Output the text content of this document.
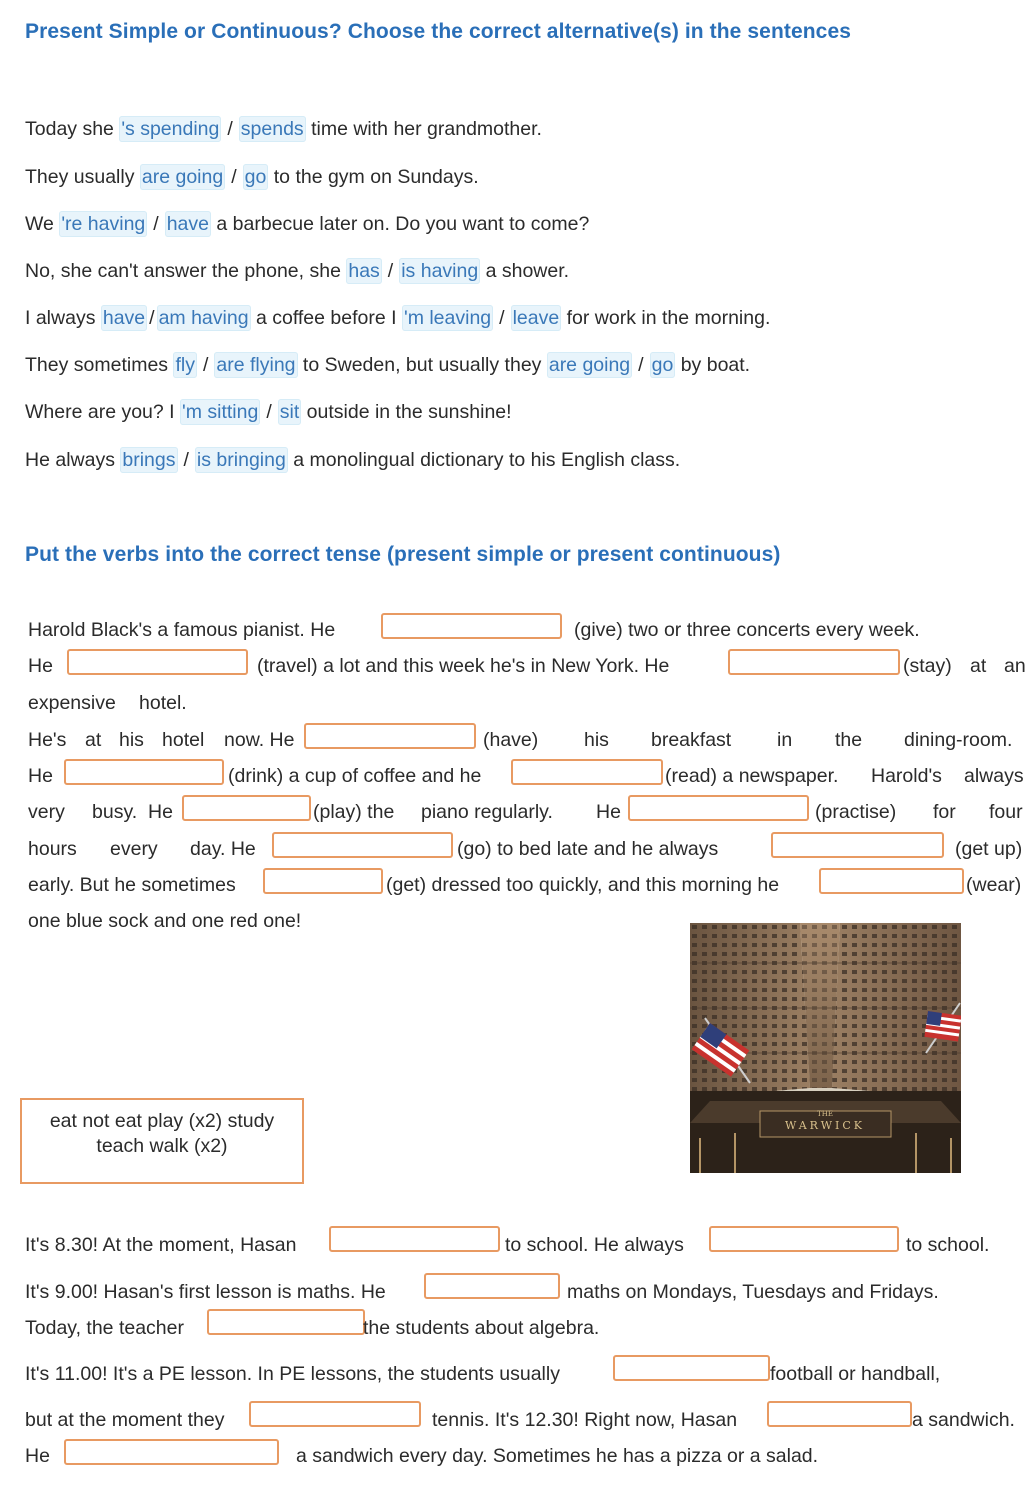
Present Simple or Continuous? Choose the correct alternative(s) in the sentences
Today she 's spending / spends time with her grandmother.
They usually are going / go to the gym on Sundays.
We 're having / have a barbecue later on. Do you want to come?
No, she can't answer the phone, she has / is having a shower.
I always have / am having a coffee before I 'm leaving / leave for work in the morning.
They sometimes fly / are flying to Sweden, but usually they are going / go by boat.
Where are you? I 'm sitting / sit outside in the sunshine!
He always brings / is bringing a monolingual dictionary to his English class.
Put the verbs into the correct tense (present simple or present continuous)
Harold Black's a famous pianist. He	(give) two or three concerts every week.
He	(travel) a lot and this week he's in New York. He	(stay) at an
expensive hotel.
He's at his hotel now. He	(have) his breakfast in the dining-room.
He	(drink) a cup of coffee and he	(read) a newspaper. Harold's always
very busy. He	(play) the piano regularly. He	(practise) for four
hours every day. He	(go) to bed late and he always	(get up)
early. But he sometimes	(get) dressed too quickly, and this morning he	(wear)
one blue sock and one red one!
eat not eat play (x2) study
teach walk (x2)
THE
WARWICK
It's 8.30! At the moment, Hasan	to school. He always	to school.
It's 9.00! Hasan's first lesson is maths. He	maths on Mondays, Tuesdays and Fridays.
Today, the teacher	the students about algebra.
It's 11.00! It's a PE lesson. In PE lessons, the students usually	football or handball,
but at the moment they	tennis. It's 12.30! Right now, Hasan	a sandwich.
He	a sandwich every day. Sometimes he has a pizza or a salad.
